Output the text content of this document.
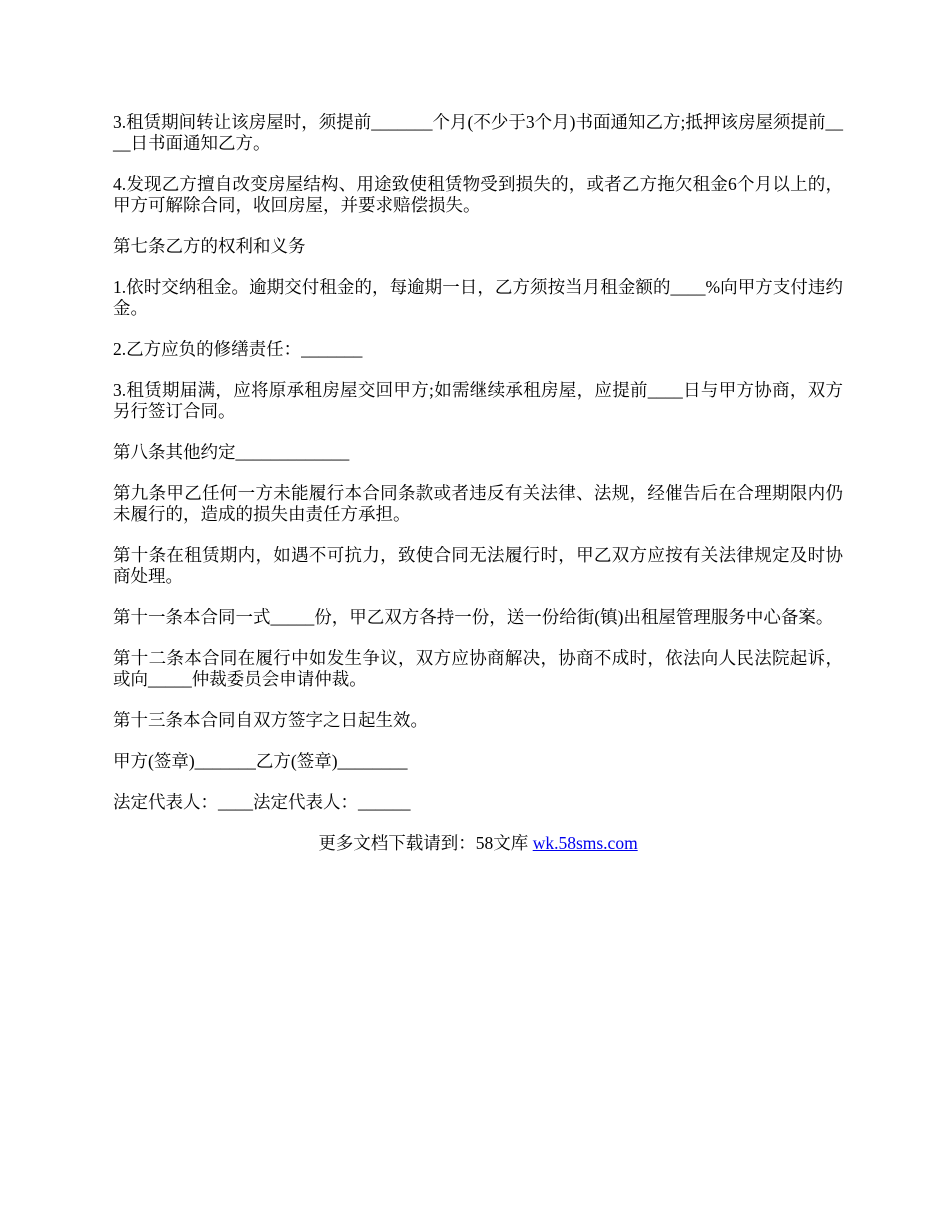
3.租赁期间转让该房屋时，须提前_______个月(不少于3个月)书面通知乙方;抵押该房屋须提前____日书面通知乙方。

4.发现乙方擅自改变房屋结构、用途致使租赁物受到损失的，或者乙方拖欠租金6个月以上的，甲方可解除合同，收回房屋，并要求赔偿损失。

第七条乙方的权利和义务

1.依时交纳租金。逾期交付租金的，每逾期一日，乙方须按当月租金额的____%向甲方支付违约金。

2.乙方应负的修缮责任：_______

3.租赁期届满，应将原承租房屋交回甲方;如需继续承租房屋，应提前____日与甲方协商，双方另行签订合同。

第八条其他约定_____________

第九条甲乙任何一方未能履行本合同条款或者违反有关法律、法规，经催告后在合理期限内仍未履行的，造成的损失由责任方承担。

第十条在租赁期内，如遇不可抗力，致使合同无法履行时，甲乙双方应按有关法律规定及时协商处理。

第十一条本合同一式_____份，甲乙双方各持一份，送一份给街(镇)出租屋管理服务中心备案。

第十二条本合同在履行中如发生争议，双方应协商解决，协商不成时，依法向人民法院起诉，或向_____仲裁委员会申请仲裁。

第十三条本合同自双方签字之日起生效。

甲方(签章)_______乙方(签章)________

法定代表人：____法定代表人：______

更多文档下载请到：58文库 wk.58sms.com
